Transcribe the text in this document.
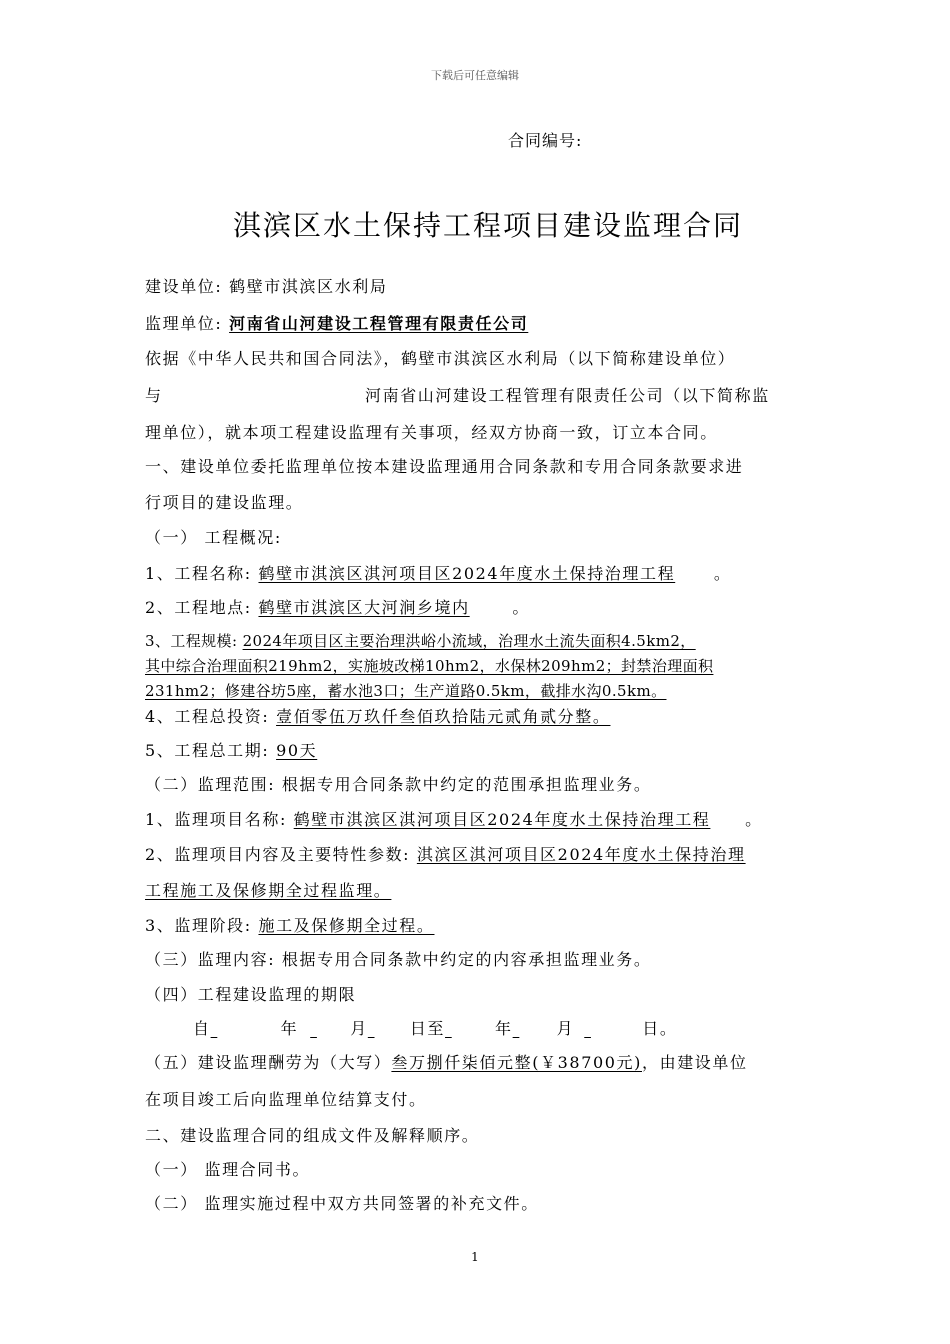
下载后可任意编辑
合同编号:
淇滨区水土保持工程项目建设监理合同
建设单位: 鹤壁市淇滨区水利局
监理单位: 河南省山河建设工程管理有限责任公司
依据《中华人民共和国合同法》，鹤壁市淇滨区水利局（以下简称建设单位）
与	河南省山河建设工程管理有限责任公司（以下简称监
理单位），就本项工程建设监理有关事项，经双方协商一致，订立本合同。
一、建设单位委托监理单位按本建设监理通用合同条款和专用合同条款要求进
行项目的建设监理。
（一） 工程概况:
1、工程名称: 鹤壁市淇滨区淇河项目区2024年度水土保持治理工程 。
2、工程地点: 鹤壁市淇滨区大河涧乡境内	。
3、工程规模: 2024年项目区主要治理洪峪小流域，治理水土流失面积4.5km2，
其中综合治理面积219hm2，实施坡改梯10hm2，水保林209hm2；封禁治理面积
231hm2；修建谷坊5座，蓄水池3口；生产道路0.5km，截排水沟0.5km。
4、工程总投资: 壹佰零伍万玖仟叁佰玖拾陆元贰角贰分整。
5、工程总工期: 90天
（二）监理范围: 根据专用合同条款中约定的范围承担监理业务。
1、监理项目名称: 鹤壁市淇滨区淇河项目区2024年度水土保持治理工程 。
2、监理项目内容及主要特性参数: 淇滨区淇河项目区2024年度水土保持治理
工程施工及保修期全过程监理。
3、监理阶段: 施工及保修期全过程。
（三）监理内容: 根据专用合同条款中约定的内容承担监理业务。
（四）工程建设监理的期限
自	年	月	日至	年	月	日。
（五）建设监理酬劳为（大写）叁万捌仟柒佰元整(￥38700元)，由建设单位
在项目竣工后向监理单位结算支付。
二、建设监理合同的组成文件及解释顺序。
（一） 监理合同书。
（二） 监理实施过程中双方共同签署的补充文件。
1
